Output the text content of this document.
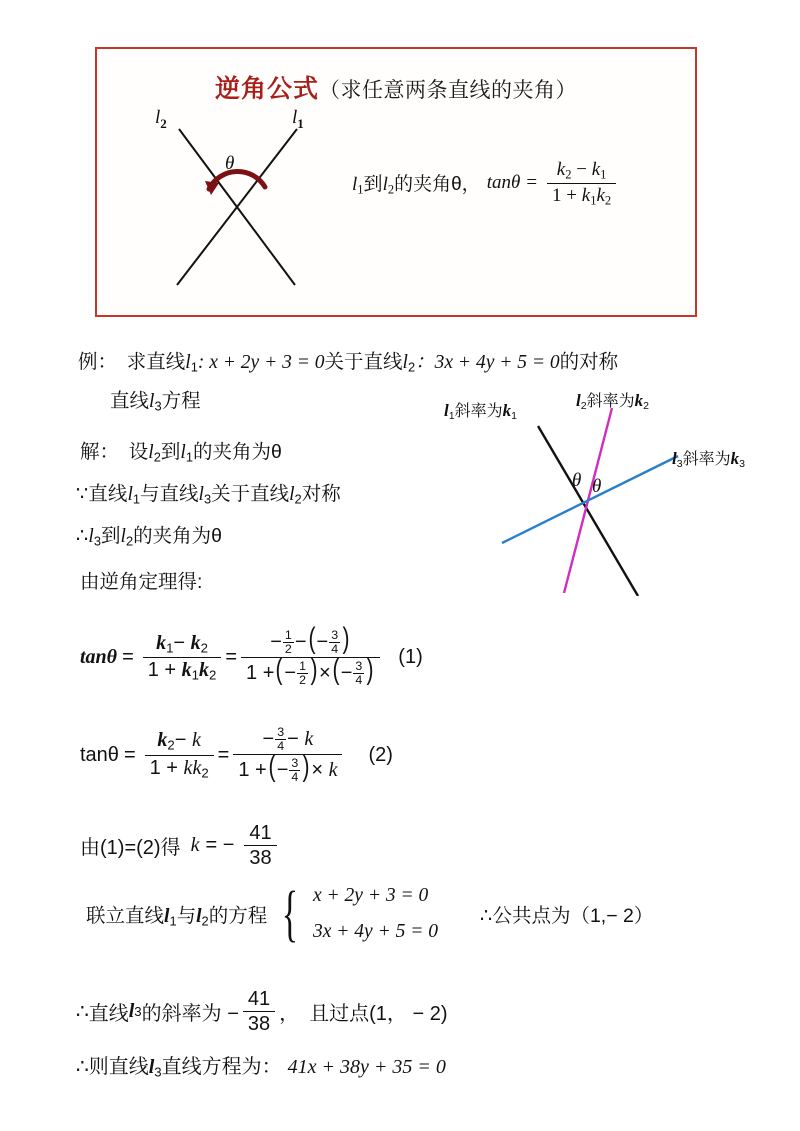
逆角公式（求任意两条直线的夹角）
$l_2$	$l_1$
θ
$l_1$到$l_2$的夹角θ， $\tan\theta = \frac{k_2 - k_1}{1 + k_1k_2}$
例：　 求直线$l_1$: x + 2y + 3 = 0关于直线$l_2$：3x + 4y + 5 = 0的对称
直线$l_3$方程	$l_1$斜率为$k_1$
$l_2$斜率为$k_2$
$l_3$斜率为$k_3$
θ θ
解：　 设$l_2$到$l_1$的夹角为θ
∵直线$l_1$与直线$l_3$关于直线$l_2$对称
$\therefore l_3$到$l_2$的夹角为θ
由逆角定理得:
$\tan\theta = \frac{k_1- k_2}{1 + k_1k_2} = \frac{- \frac{1}{2} -(- \frac{3}{4} )}{1 +(- \frac{1}{2} )\times(- \frac{3}{4} )} (1)$
$\tan\theta = \frac{k_2- k}{1 + kk_2} = \frac{- \frac{3}{4} - k}{1 +(- \frac{3}{4} )\times k} (2)$
由(1)=(2)得 k = − $\frac{41}{38}$
联立直线$l_1$与$l_2$的方程 { x + 2y + 3 = 0
3x + 4y + 5 = 0
∴公共点为（1,− 2）
∴ 直线 l 3 的斜率为 − $\frac{41}{38}$ ，　且过点(1， − 2)
∴则直线$l_3$直线方程为： 41x + 38y + 35 = 0
